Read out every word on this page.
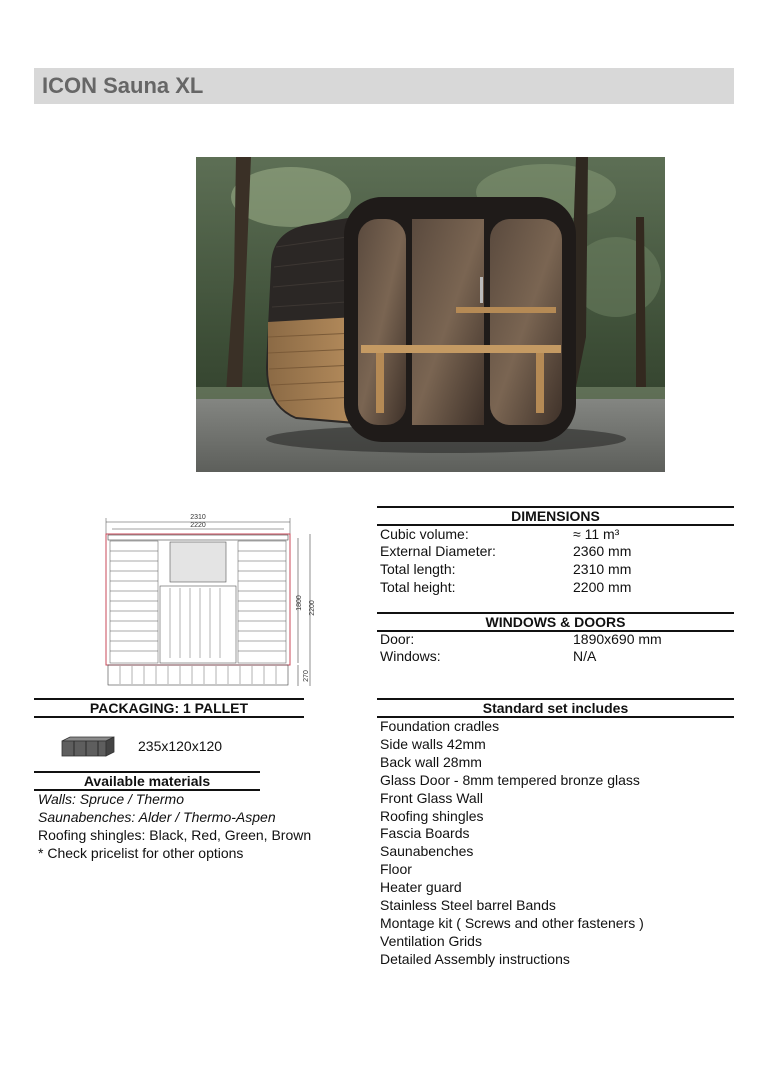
ICON Sauna XL
2310
2220
1800 2200
270
PACKAGING: 1 PALLET
235x120x120
Available materials
Walls: Spruce / Thermo
Saunabenches: Alder / Thermo-Aspen
Roofing shingles: Black, Red, Green, Brown
* Check pricelist for other options
DIMENSIONS
Cubic volume:	≈ 11 m³
External Diameter:	2360 mm
Total length:	2310 mm
Total height:	2200 mm
WINDOWS & DOORS
Door:	1890x690 mm
Windows:	N/A
Standard set includes
Foundation cradles
Side walls 42mm
Back wall 28mm
Glass Door - 8mm tempered bronze glass
Front Glass Wall
Roofing shingles
Fascia Boards
Saunabenches
Floor
Heater guard
Stainless Steel barrel Bands
Montage kit ( Screws and other fasteners )
Ventilation Grids
Detailed Assembly instructions
